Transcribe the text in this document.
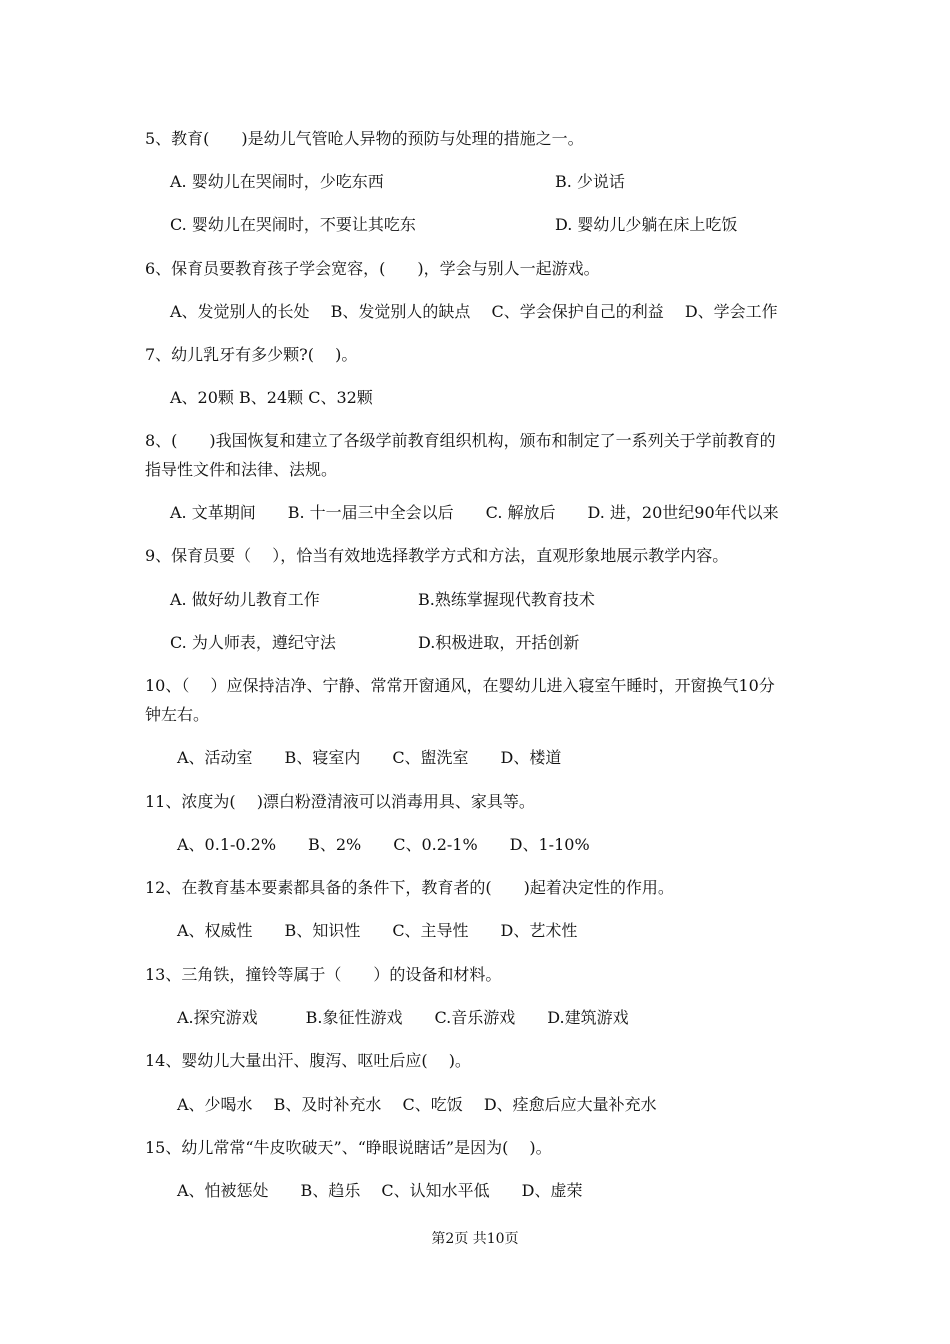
5、教育(　　)是幼儿气管呛人异物的预防与处理的措施之一。
A. 婴幼儿在哭闹时，少吃东西	B. 少说话
C. 婴幼儿在哭闹时，不要让其吃东	D. 婴幼儿少躺在床上吃饭
6、保育员要教育孩子学会宽容，(　　)，学会与别人一起游戏。
A、发觉别人的长处　 B、发觉别人的缺点　 C、学会保护自己的利益　 D、学会工作
7、幼儿乳牙有多少颗?(　 )。
A、20颗 B、24颗 C、32颗
8、(　　)我国恢复和建立了各级学前教育组织机构，颁布和制定了一系列关于学前教育的
指导性文件和法律、法规。
A. 文革期间　　B. 十一届三中全会以后　　C. 解放后　　D. 进，20世纪90年代以来
9、保育员要（　 ），恰当有效地选择教学方式和方法，直观形象地展示教学内容。
A. 做好幼儿教育工作	B.熟练掌握现代教育技术
C. 为人师表，遵纪守法	D.积极进取，开括创新
10、（　 ）应保持洁净、宁静、常常开窗通风，在婴幼儿进入寝室午睡时，开窗换气10分
钟左右。
A、活动室　　B、寝室内　　C、盥洗室　　D、楼道
11、浓度为(　 )漂白粉澄清液可以消毒用具、家具等。
A、0.1-0.2%　　B、2%　　C、0.2-1%　　D、1-10%
12、在教育基本要素都具备的条件下，教育者的(　　)起着决定性的作用。
A、权威性　　B、知识性　　C、主导性　　D、艺术性
13、三角铁，撞铃等属于（　　）的设备和材料。
A.探究游戏　　　B.象征性游戏　　C.音乐游戏　　D.建筑游戏
14、婴幼儿大量出汗、腹泻、呕吐后应(　 )。
A、少喝水　 B、及时补充水　 C、吃饭　 D、痊愈后应大量补充水
15、幼儿常常“牛皮吹破天”、“睁眼说瞎话”是因为(　 )。
A、怕被惩处　　B、趋乐　 C、认知水平低　　D、虚荣
第2页 共10页
